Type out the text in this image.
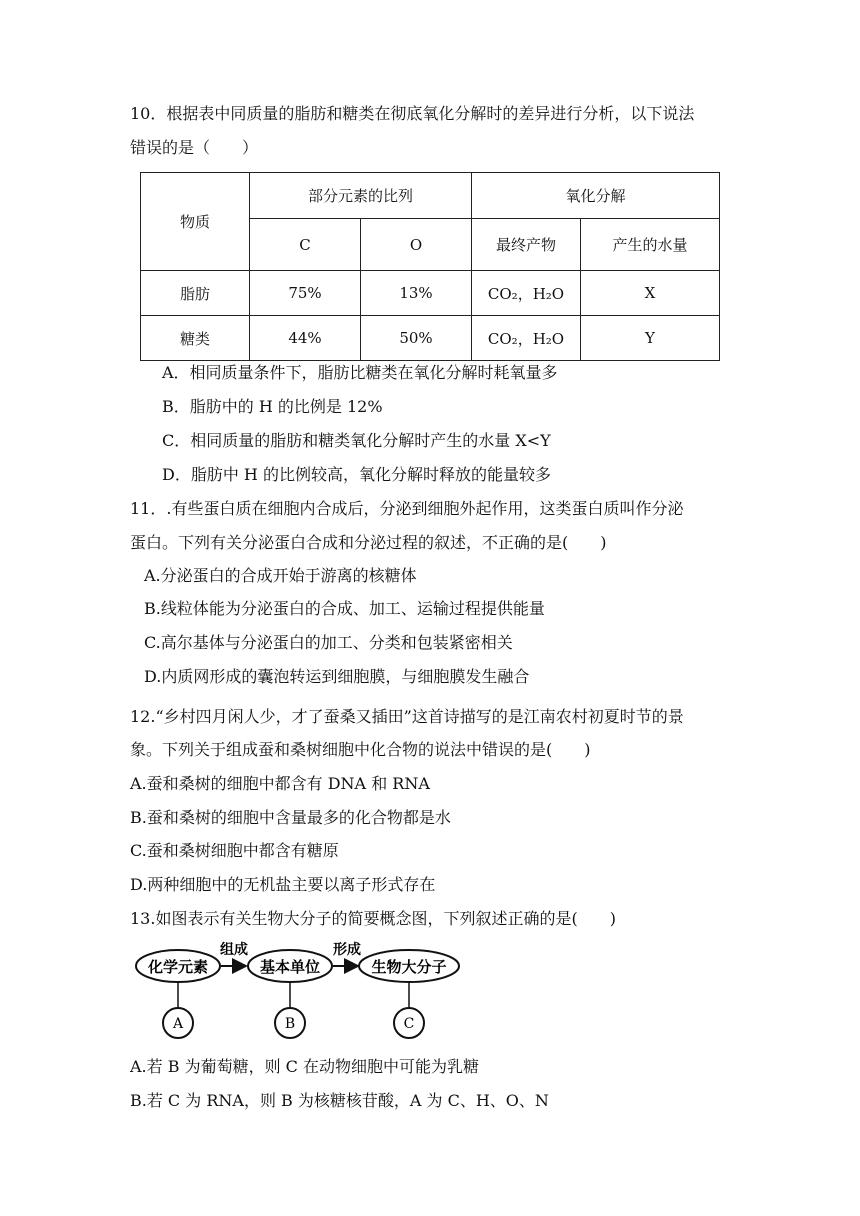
10．根据表中同质量的脂肪和糖类在彻底氧化分解时的差异进行分析，以下说法
错误的是（　　）
物质	部分元素的比列		氧化分解	
	C	O	最终产物	产生的水量
脂肪	75%	13%	CO₂，H₂O	X
糖类	44%	50%	CO₂，H₂O	Y
A．相同质量条件下，脂肪比糖类在氧化分解时耗氧量多
B．脂肪中的 H 的比例是 12%
C．相同质量的脂肪和糖类氧化分解时产生的水量 X<Y
D．脂肪中 H 的比例较高，氧化分解时释放的能量较多
11．.有些蛋白质在细胞内合成后，分泌到细胞外起作用，这类蛋白质叫作分泌
蛋白。下列有关分泌蛋白合成和分泌过程的叙述，不正确的是(　　)
A.分泌蛋白的合成开始于游离的核糖体
B.线粒体能为分泌蛋白的合成、加工、运输过程提供能量
C.高尔基体与分泌蛋白的加工、分类和包装紧密相关
D.内质网形成的囊泡转运到细胞膜，与细胞膜发生融合
12.“乡村四月闲人少，才了蚕桑又插田”这首诗描写的是江南农村初夏时节的景
象。下列关于组成蚕和桑树细胞中化合物的说法中错误的是(　　)
A.蚕和桑树的细胞中都含有 DNA 和 RNA
B.蚕和桑树的细胞中含量最多的化合物都是水
C.蚕和桑树细胞中都含有糖原
D.两种细胞中的无机盐主要以离子形式存在
13.如图表示有关生物大分子的简要概念图，下列叙述正确的是(　　)
化学元素	基本单位	生物大分子
组成	形成
A	B	C
A.若 B 为葡萄糖，则 C 在动物细胞中可能为乳糖
B.若 C 为 RNA，则 B 为核糖核苷酸，A 为 C、H、O、N
